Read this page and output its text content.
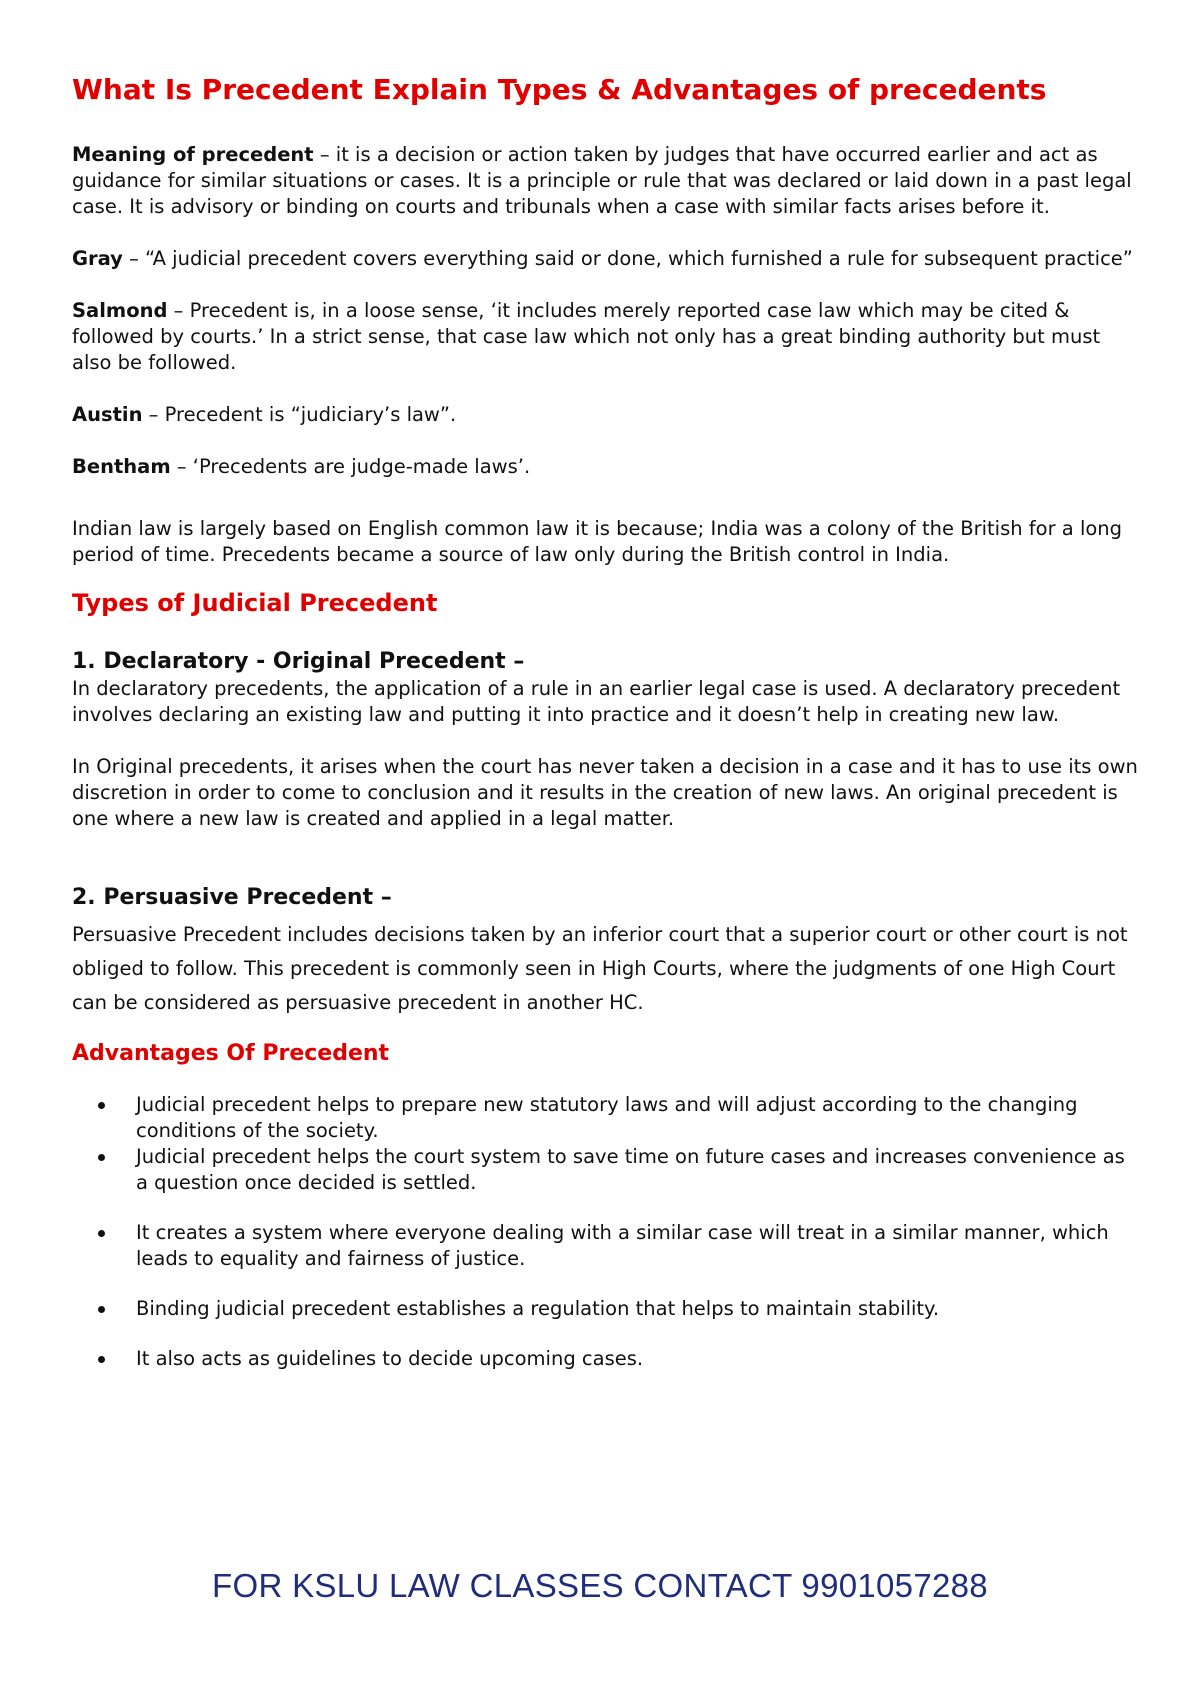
What Is Precedent Explain Types & Advantages of precedents

Meaning of precedent – it is a decision or action taken by judges that have occurred earlier and act as guidance for similar situations or cases. It is a principle or rule that was declared or laid down in a past legal case. It is advisory or binding on courts and tribunals when a case with similar facts arises before it.

Gray – “A judicial precedent covers everything said or done, which furnished a rule for subsequent practice”

Salmond – Precedent is, in a loose sense, ‘it includes merely reported case law which may be cited & followed by courts.’ In a strict sense, that case law which not only has a great binding authority but must also be followed.

Austin – Precedent is “judiciary’s law”.

Bentham – ‘Precedents are judge-made laws’.

Indian law is largely based on English common law it is because; India was a colony of the British for a long period of time. Precedents became a source of law only during the British control in India.

Types of Judicial Precedent
1. Declaratory - Original Precedent –

In declaratory precedents, the application of a rule in an earlier legal case is used. A declaratory precedent involves declaring an existing law and putting it into practice and it doesn’t help in creating new law.

In Original precedents, it arises when the court has never taken a decision in a case and it has to use its own discretion in order to come to conclusion and it results in the creation of new laws. An original precedent is one where a new law is created and applied in a legal matter.

2. Persuasive Precedent –

Persuasive Precedent includes decisions taken by an inferior court that a superior court or other court is not obliged to follow. This precedent is commonly seen in High Courts, where the judgments of one High Court can be considered as persuasive precedent in another HC.

Advantages Of Precedent
Judicial precedent helps to prepare new statutory laws and will adjust according to the changing conditions of the society.
Judicial precedent helps the court system to save time on future cases and increases convenience as a question once decided is settled.
It creates a system where everyone dealing with a similar case will treat in a similar manner, which leads to equality and fairness of justice.
Binding judicial precedent establishes a regulation that helps to maintain stability.
It also acts as guidelines to decide upcoming cases.
FOR KSLU LAW CLASSES CONTACT 9901057288
